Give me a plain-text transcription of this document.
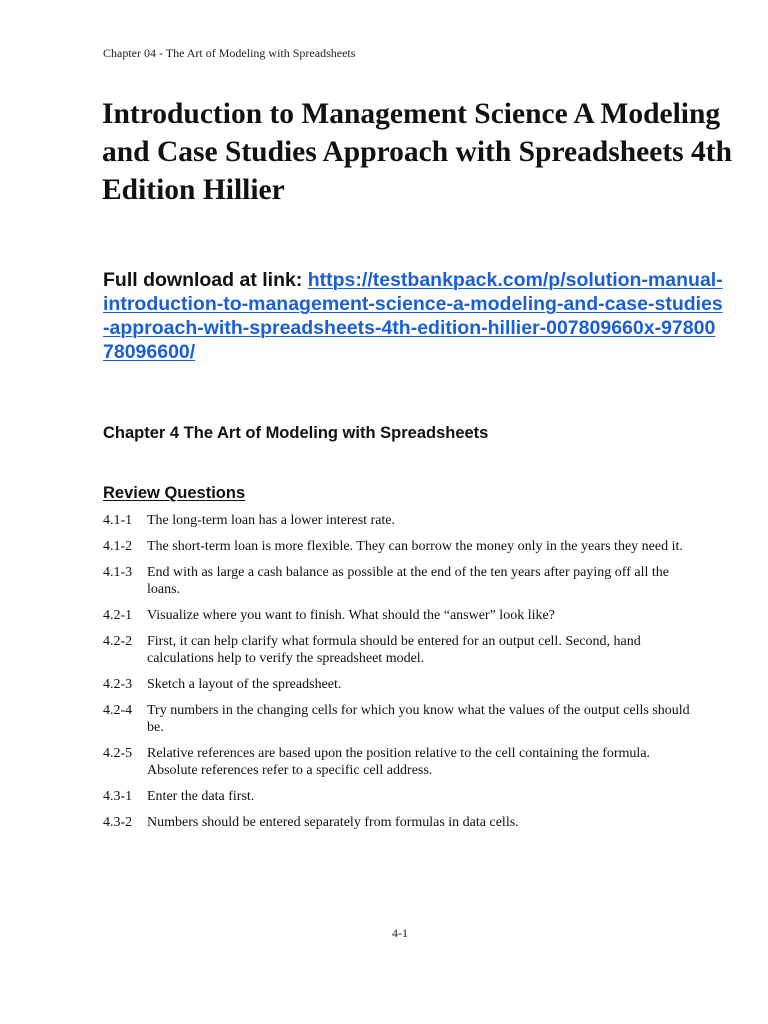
Chapter 04 - The Art of Modeling with Spreadsheets
Introduction to Management Science A Modeling and Case Studies Approach with Spreadsheets 4th Edition Hillier
Full download at link: https://testbankpack.com/p/solution-manual-introduction-to-management-science-a-modeling-and-case-studies-approach-with-spreadsheets-4th-edition-hillier-007809660x-9780078096600/
Chapter 4 The Art of Modeling with Spreadsheets
Review Questions
4.1-1	The long-term loan has a lower interest rate.
4.1-2	The short-term loan is more flexible. They can borrow the money only in the years they need it.
4.1-3	End with as large a cash balance as possible at the end of the ten years after paying off all the loans.
4.2-1	Visualize where you want to finish. What should the “answer” look like?
4.2-2	First, it can help clarify what formula should be entered for an output cell. Second, hand calculations help to verify the spreadsheet model.
4.2-3	Sketch a layout of the spreadsheet.
4.2-4	Try numbers in the changing cells for which you know what the values of the output cells should be.
4.2-5	Relative references are based upon the position relative to the cell containing the formula. Absolute references refer to a specific cell address.
4.3-1	Enter the data first.
4.3-2	Numbers should be entered separately from formulas in data cells.
4-1
